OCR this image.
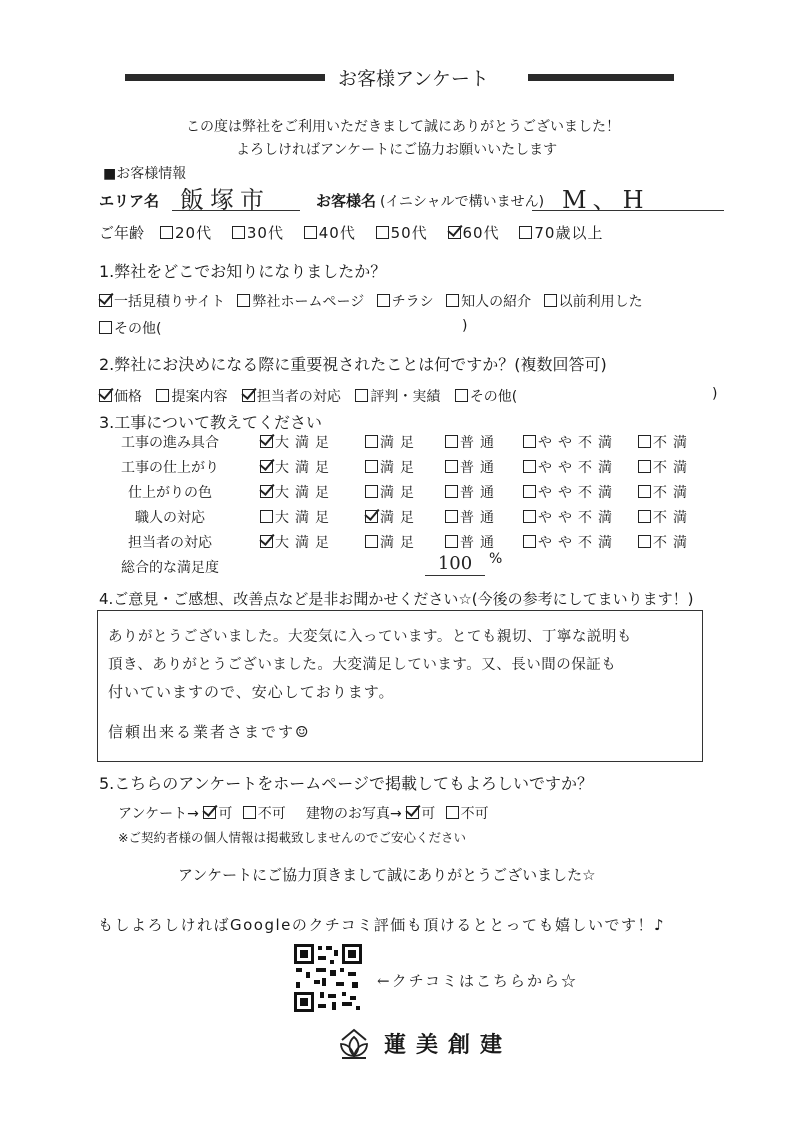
お客様アンケート
この度は弊社をご利用いただきまして誠にありがとうございました！
よろしければアンケートにご協力お願いいたします
■お客様情報
エリア名 飯塚市	お客様名 (イニシャルで構いません) M、H
ご年齢	20代 30代 40代 50代 60代 70歳以上
1.弊社をどこでお知りになりましたか？
一括見積りサイト 弊社ホームページ チラシ 知人の紹介 以前利用した
その他(	)
2.弊社にお決めになる際に重要視されたことは何ですか？(複数回答可)
価格 提案内容 担当者の対応 評判・実績 その他(	)
3.工事について教えてください
工事の進み具合	大満足	満足	普通	やや不満	不満
工事の仕上がり	大満足	満足	普通	やや不満	不満
仕上がりの色	大満足	満足	普通	やや不満	不満
職人の対応	大満足	満足	普通	やや不満	不満
担当者の対応	大満足	満足	普通	やや不満	不満
総合的な満足度	100	%
4.ご意見・ご感想、改善点など是非お聞かせください☆(今後の参考にしてまいります！)
ありがとうございました。大変気に入っています。とても親切、丁寧な説明も
頂き、ありがとうございました。大変満足しています。又、長い間の保証も
付いていますので、安心しております。
信頼出来る業者さまです☺
5.こちらのアンケートをホームページで掲載してもよろしいですか？
アンケート→ 可 不可 建物のお写真→ 可 不可
※ご契約者様の個人情報は掲載致しませんのでご安心ください
アンケートにご協力頂きまして誠にありがとうございました☆
もしよろしければGoogleのクチコミ評価も頂けるととっても嬉しいです！♪
←クチコミはこちらから☆
蓮美創建
